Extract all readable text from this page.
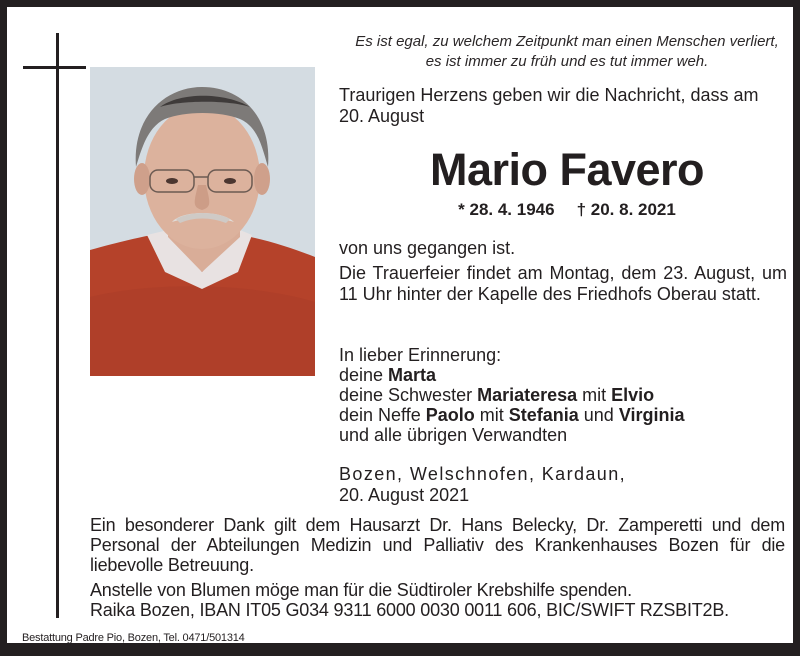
Es ist egal, zu welchem Zeitpunkt man einen Menschen verliert,
es ist immer zu früh und es tut immer weh.
Traurigen Herzens geben wir die Nachricht, dass am
20. August
Mario Favero
* 28. 4. 1946 † 20. 8. 2021
von uns gegangen ist.
Die Trauerfeier findet am Montag, dem 23. August, um 11 Uhr hinter der Kapelle des Friedhofs Oberau statt.
In lieber Erinnerung:
deine Marta
deine Schwester Mariateresa mit Elvio
dein Neffe Paolo mit Stefania und Virginia
und alle übrigen Verwandten
Bozen, Welschnofen, Kardaun,
20. August 2021
Ein besonderer Dank gilt dem Hausarzt Dr. Hans Belecky, Dr. Zamperetti und dem Personal der Abteilungen Medizin und Palliativ des Krankenhauses Bozen für die liebevolle Betreuung.
Anstelle von Blumen möge man für die Südtiroler Krebshilfe spenden.
Raika Bozen, IBAN IT05 G034 9311 6000 0030 0011 606, BIC/SWIFT RZSBIT2B.
Bestattung Padre Pio, Bozen, Tel. 0471/501314
